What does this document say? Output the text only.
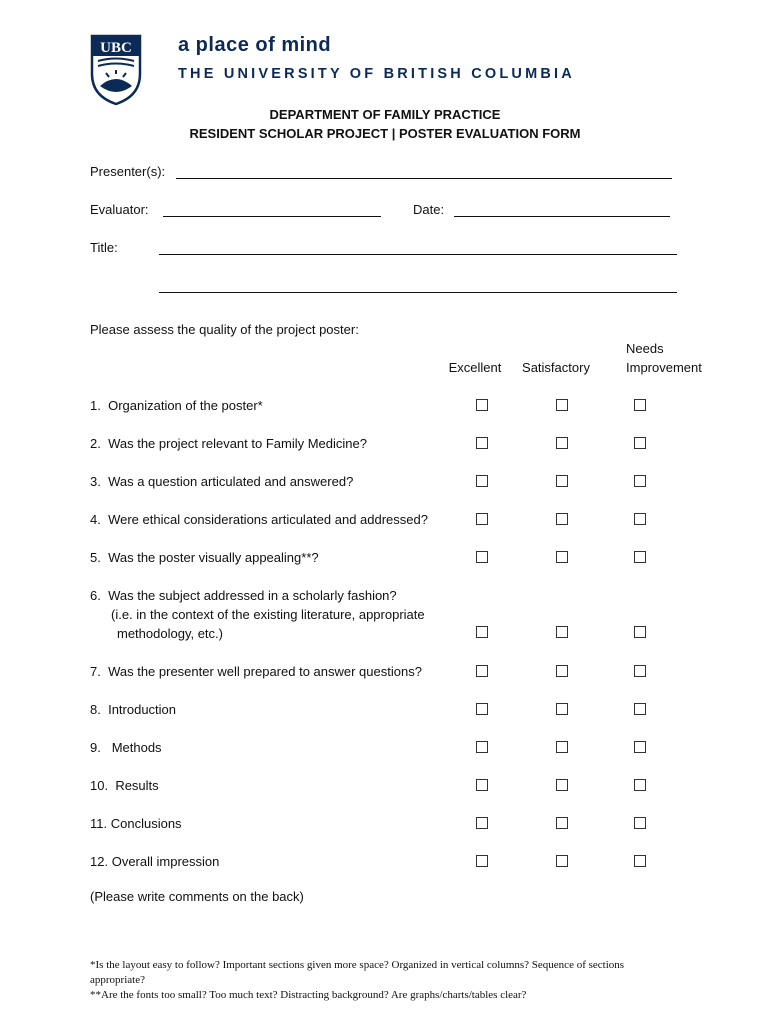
UBC a place of mind
THE UNIVERSITY OF BRITISH COLUMBIA
DEPARTMENT OF FAMILY PRACTICE
RESIDENT SCHOLAR PROJECT | POSTER EVALUATION FORM
Presenter(s):
Evaluator:	Date:
Title:
Please assess the quality of the project poster:
Excellent	Satisfactory
Needs
Improvement
1. Organization of the poster*
2. Was the project relevant to Family Medicine?
3. Was a question articulated and answered?
4. Were ethical considerations articulated and addressed?
5. Was the poster visually appealing**?
6. Was the subject addressed in a scholarly fashion?
(i.e. in the context of the existing literature, appropriate
methodology, etc.)
7. Was the presenter well prepared to answer questions?
8. Introduction
9. Methods
10. Results
11. Conclusions
12. Overall impression
(Please write comments on the back)
*Is the layout easy to follow? Important sections given more space? Organized in vertical columns? Sequence of sections appropriate?
**Are the fonts too small? Too much text? Distracting background? Are graphs/charts/tables clear?
